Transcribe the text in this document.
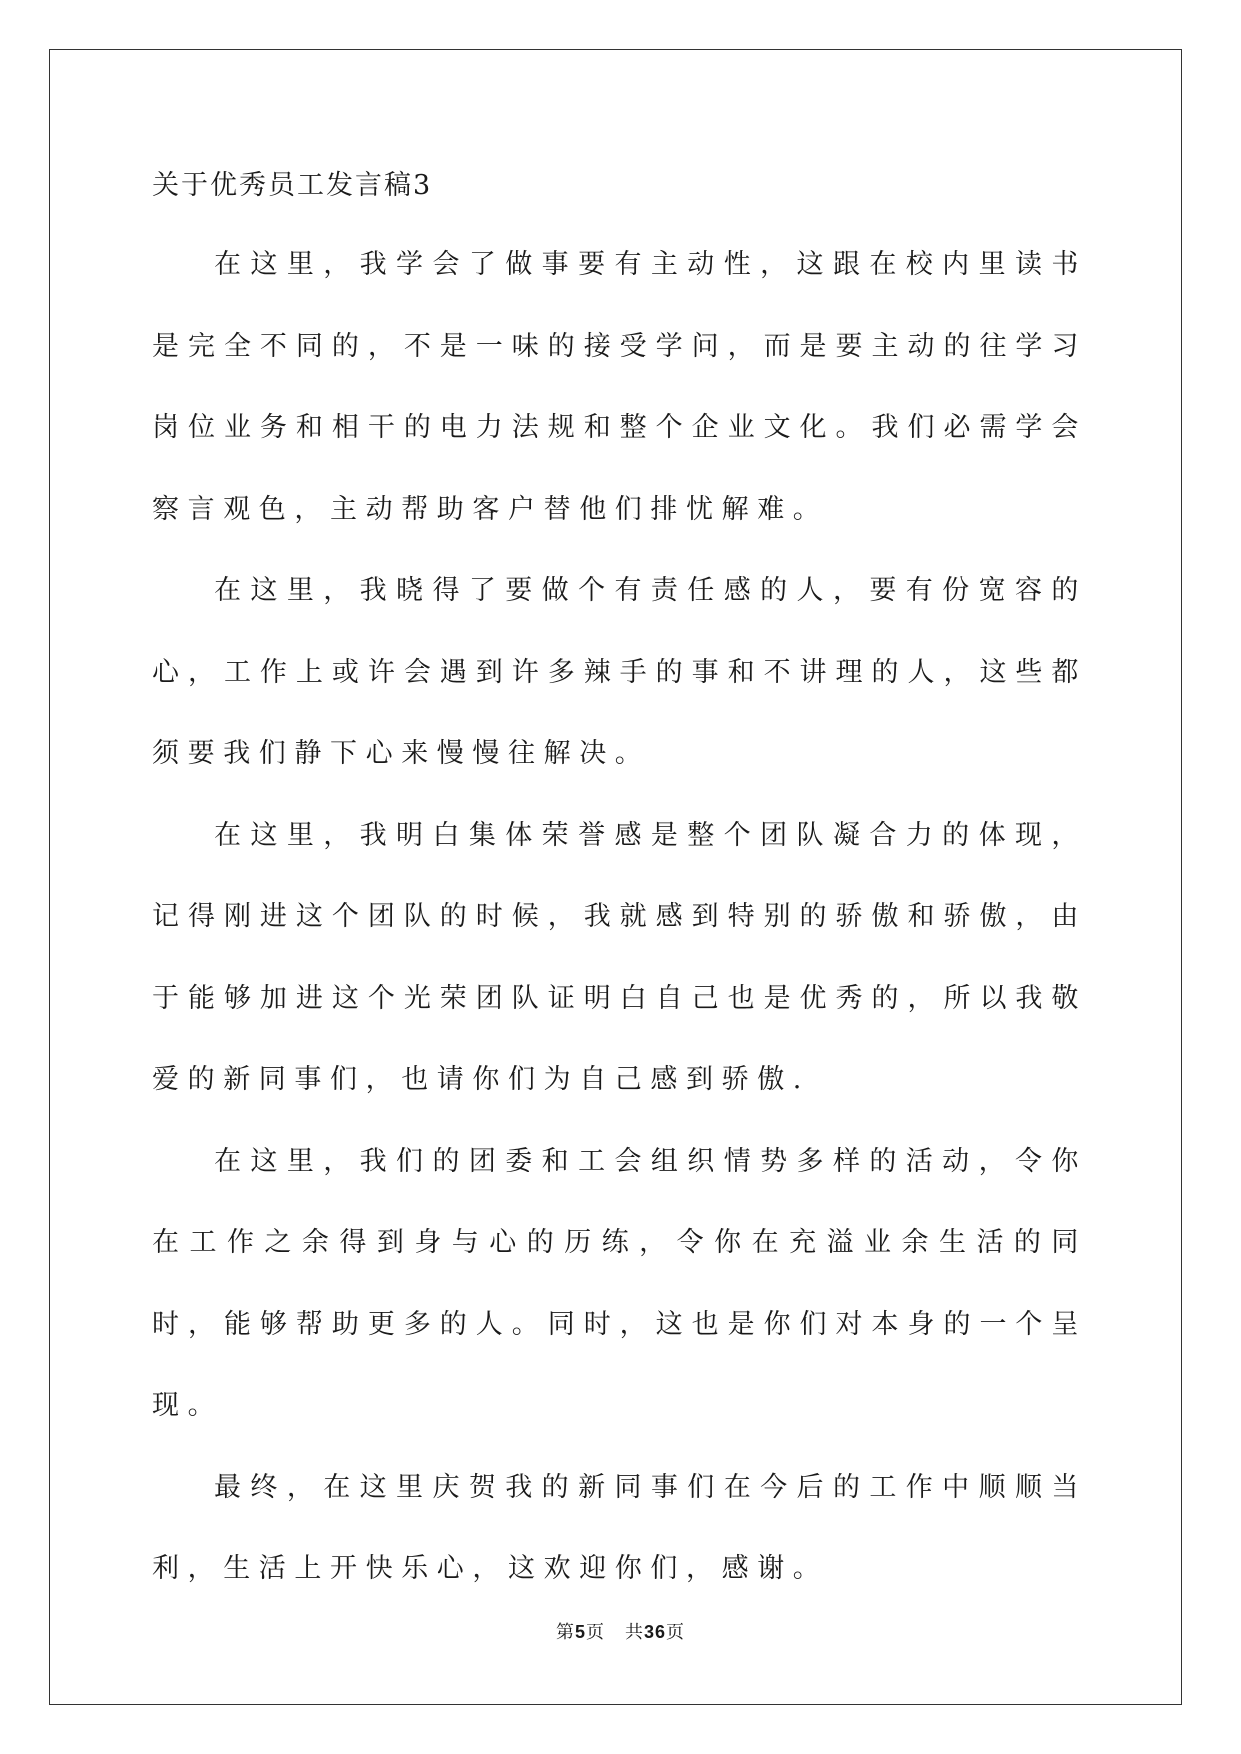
关于优秀员工发言稿3

在这里，我学会了做事要有主动性，这跟在校内里读书是完全不同的，不是一味的接受学问，而是要主动的往学习岗位业务和相干的电力法规和整个企业文化。我们必需学会察言观色，主动帮助客户替他们排忧解难。

在这里，我晓得了要做个有责任感的人，要有份宽容的心，工作上或许会遇到许多辣手的事和不讲理的人，这些都须要我们静下心来慢慢往解决。

在这里，我明白集体荣誉感是整个团队凝合力的体现，记得刚进这个团队的时候，我就感到特别的骄傲和骄傲，由于能够加进这个光荣团队证明白自己也是优秀的，所以我敬爱的新同事们，也请你们为自己感到骄傲.

在这里，我们的团委和工会组织情势多样的活动，令你在工作之余得到身与心的历练，令你在充溢业余生活的同时，能够帮助更多的人。同时，这也是你们对本身的一个呈现。

最终，在这里庆贺我的新同事们在今后的工作中顺顺当利，生活上开快乐心，这欢迎你们，感谢。

第5页 共36页
